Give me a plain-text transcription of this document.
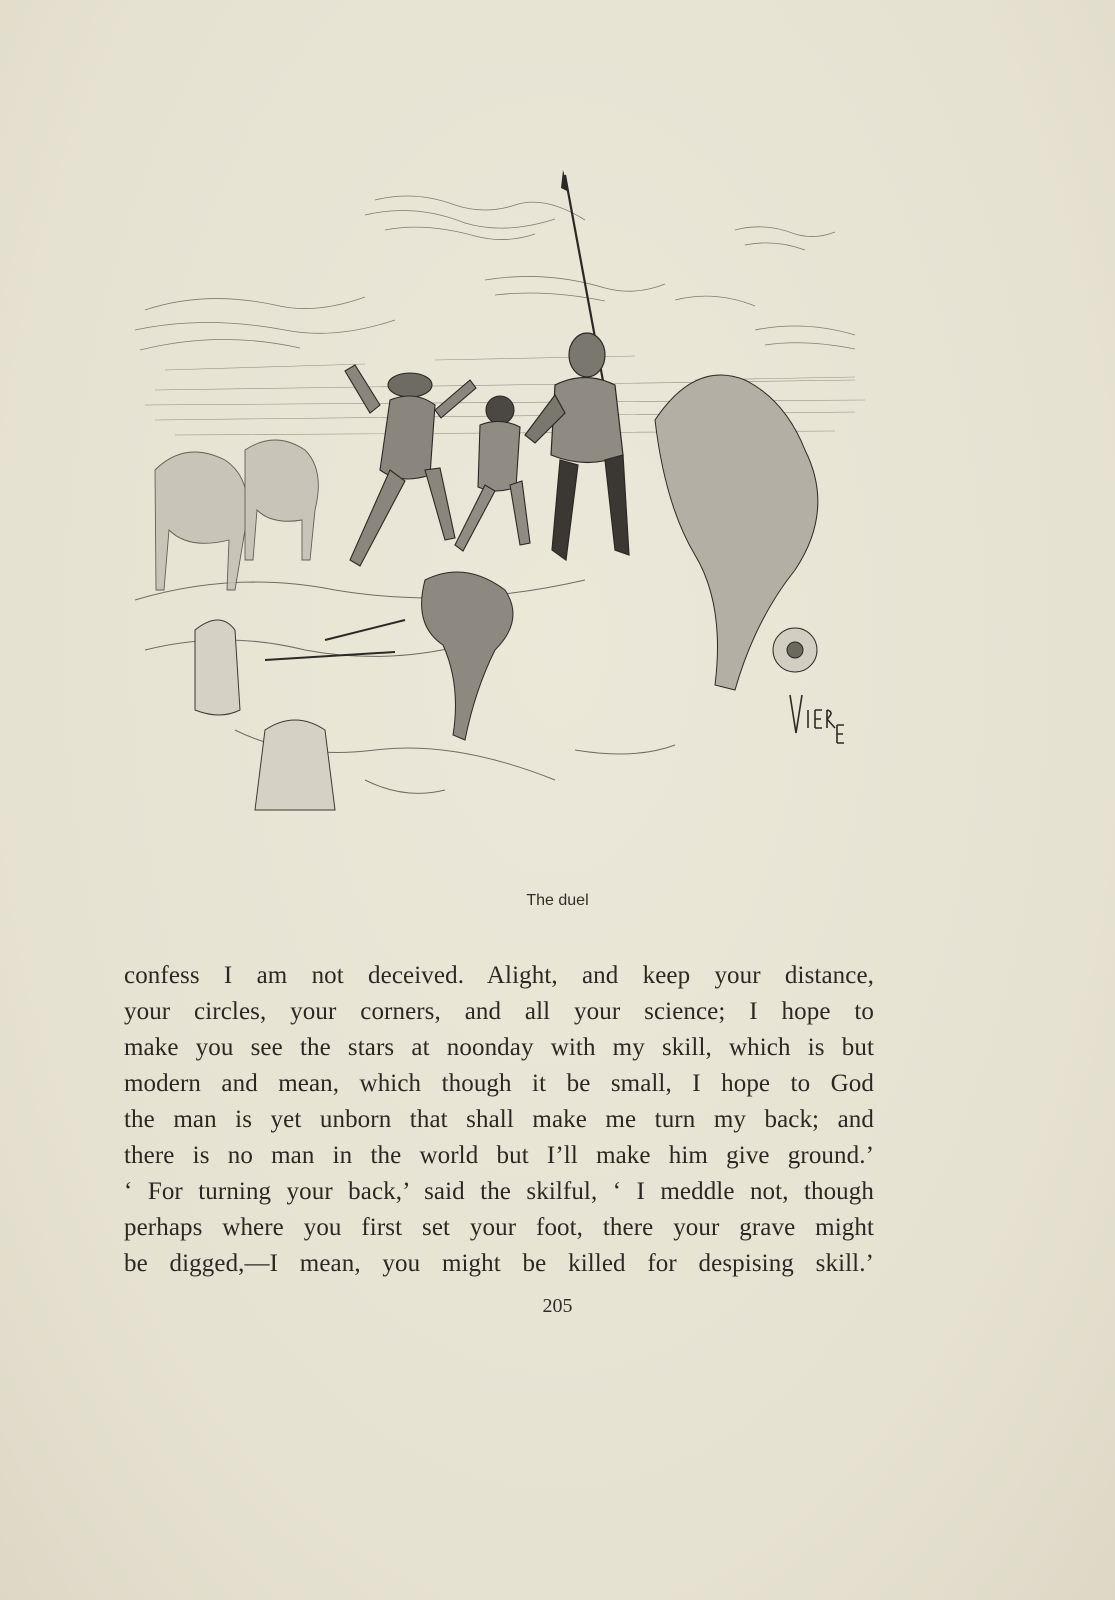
The duel
confess I am not deceived. Alight, and keep your distance,
your circles, your corners, and all your science; I hope to
make you see the stars at noonday with my skill, which is but
modern and mean, which though it be small, I hope to God
the man is yet unborn that shall make me turn my back; and
there is no man in the world but I’ll make him give ground.’
‘ For turning your back,’ said the skilful, ‘ I meddle not, though
perhaps where you first set your foot, there your grave might
be digged,—I mean, you might be killed for despising skill.’
205
